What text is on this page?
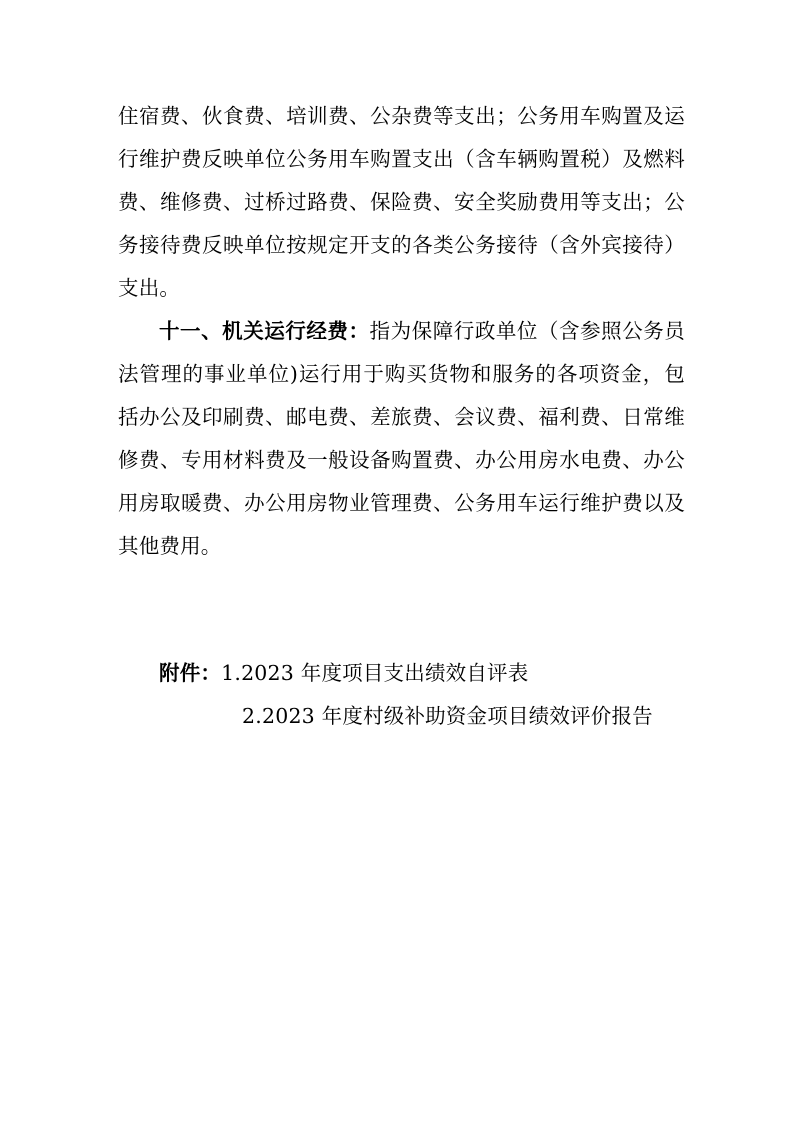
住宿费、伙食费、培训费、公杂费等支出；公务用车购置及运行维护费反映单位公务用车购置支出（含车辆购置税）及燃料费、维修费、过桥过路费、保险费、安全奖励费用等支出；公务接待费反映单位按规定开支的各类公务接待（含外宾接待）支出。

十一、机关运行经费：指为保障行政单位（含参照公务员法管理的事业单位)运行用于购买货物和服务的各项资金，包括办公及印刷费、邮电费、差旅费、会议费、福利费、日常维修费、专用材料费及一般设备购置费、办公用房水电费、办公用房取暖费、办公用房物业管理费、公务用车运行维护费以及其他费用。

附件： 1.2023 年度项目支出绩效自评表
2.2023 年度村级补助资金项目绩效评价报告
